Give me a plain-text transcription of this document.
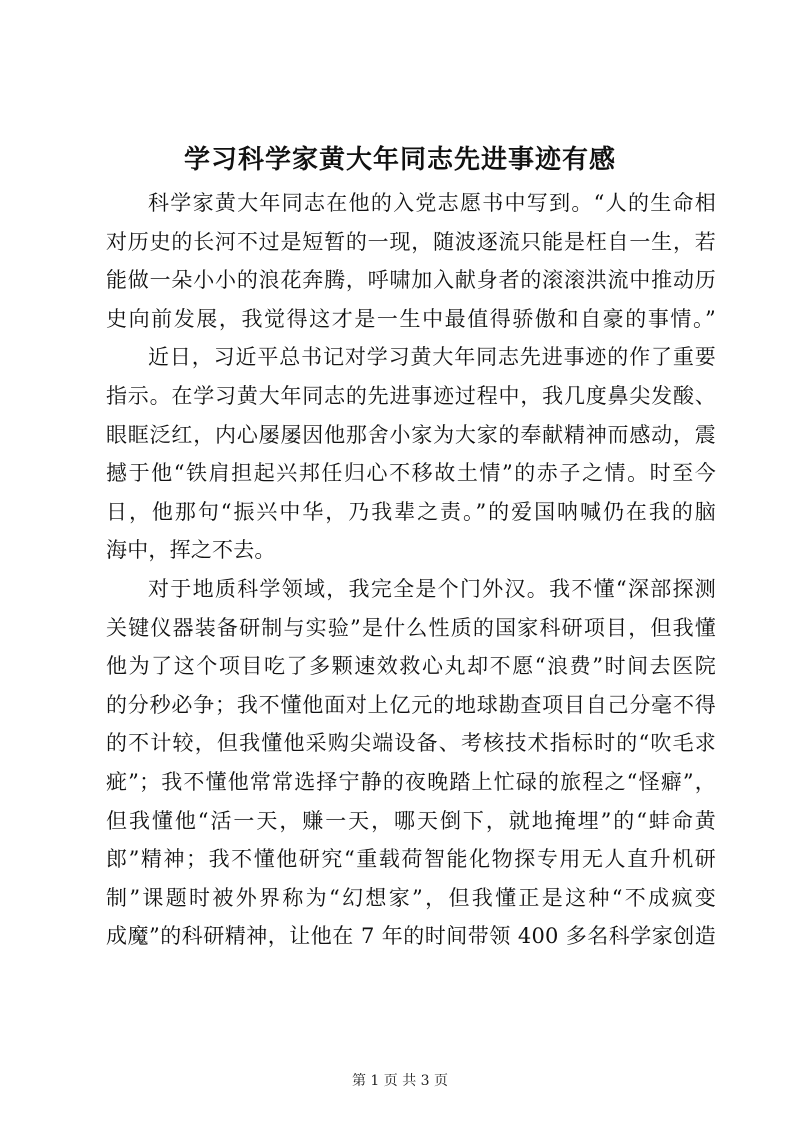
学习科学家黄大年同志先进事迹有感
科学家黄大年同志在他的入党志愿书中写到。“人的生命相
对历史的长河不过是短暂的一现，随波逐流只能是枉自一生，若
能做一朵小小的浪花奔腾，呼啸加入献身者的滚滚洪流中推动历
史向前发展，我觉得这才是一生中最值得骄傲和自豪的事情。”
近日，习近平总书记对学习黄大年同志先进事迹的作了重要
指示。在学习黄大年同志的先进事迹过程中，我几度鼻尖发酸、
眼眶泛红，内心屡屡因他那舍小家为大家的奉献精神而感动，震
撼于他“铁肩担起兴邦任归心不移故土情”的赤子之情。时至今
日，他那句“振兴中华，乃我辈之责。”的爱国呐喊仍在我的脑
海中，挥之不去。
对于地质科学领域，我完全是个门外汉。我不懂“深部探测
关键仪器装备研制与实验”是什么性质的国家科研项目，但我懂
他为了这个项目吃了多颗速效救心丸却不愿“浪费”时间去医院
的分秒必争；我不懂他面对上亿元的地球勘查项目自己分毫不得
的不计较，但我懂他采购尖端设备、考核技术指标时的“吹毛求
疵”；我不懂他常常选择宁静的夜晚踏上忙碌的旅程之“怪癖”，
但我懂他“活一天，赚一天，哪天倒下，就地掩埋”的“蚌命黄
郎”精神；我不懂他研究“重载荷智能化物探专用无人直升机研
制”课题时被外界称为“幻想家”，但我懂正是这种“不成疯变
成魔”的科研精神，让他在 7 年的时间带领 400 多名科学家创造
第 1 页 共 3 页
